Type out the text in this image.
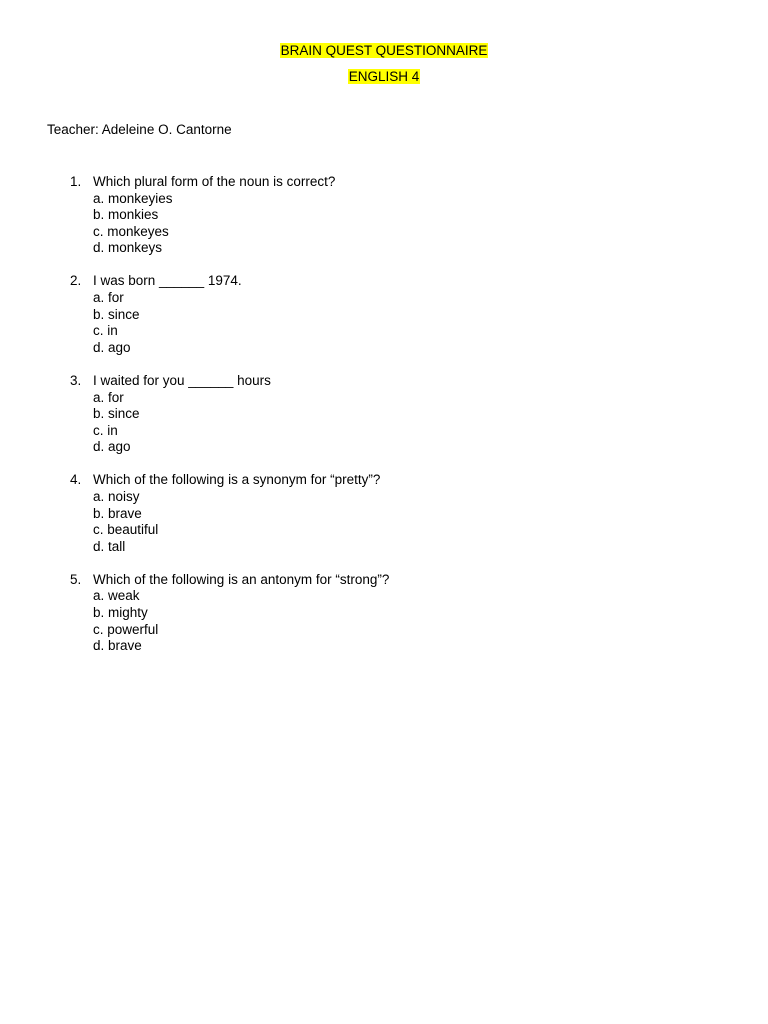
BRAIN QUEST QUESTIONNAIRE
ENGLISH 4
Teacher: Adeleine O. Cantorne
1. Which plural form of the noun is correct?
a. monkeyies
b. monkies
c. monkeyes
d. monkeys
2. I was born ______ 1974.
a. for
b. since
c. in
d. ago
3. I waited for you ______ hours
a. for
b. since
c. in
d. ago
4. Which of the following is a synonym for “pretty”?
a. noisy
b. brave
c. beautiful
d. tall
5. Which of the following is an antonym for “strong”?
a. weak
b. mighty
c. powerful
d. brave
